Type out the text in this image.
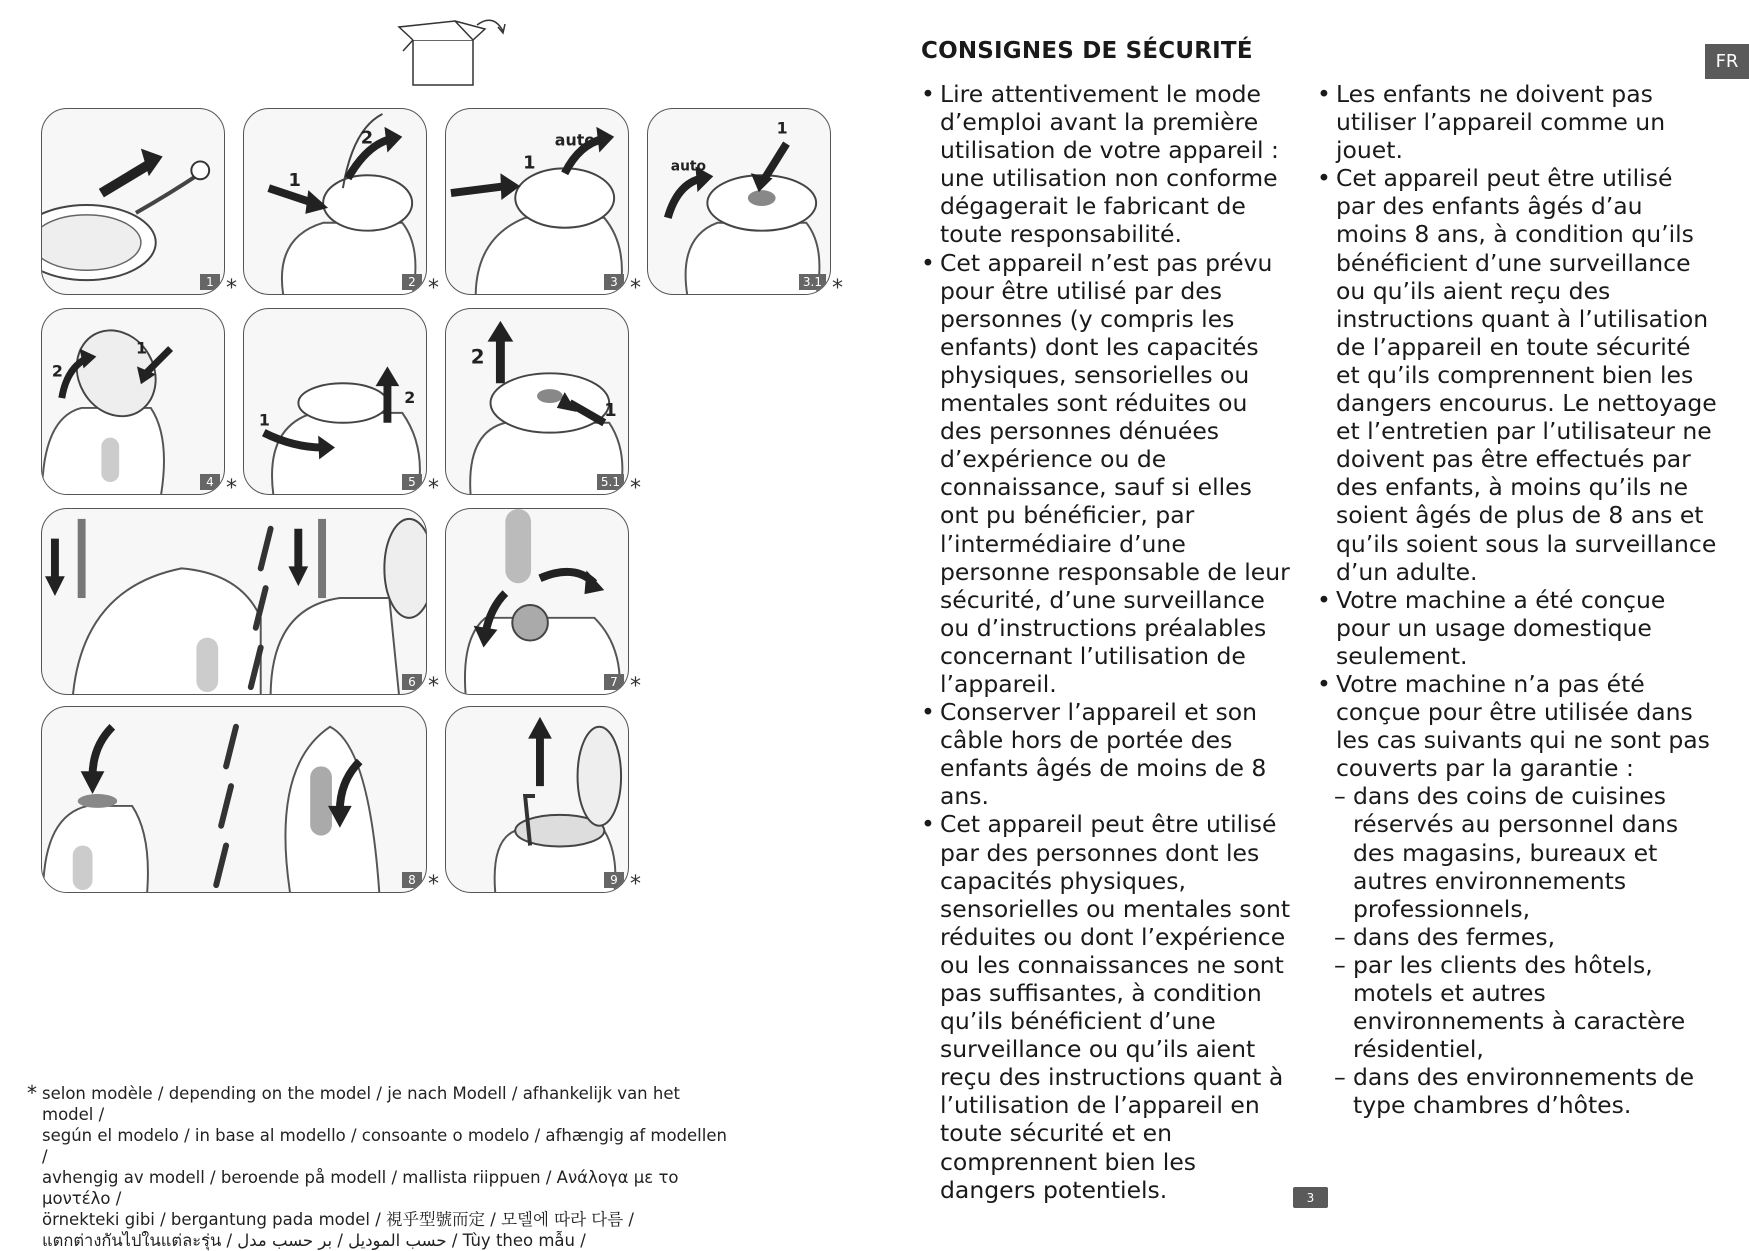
1 *
1
2
2 *
1
auto
3 *
1
auto
3.1 *
2
1
4 *
1
2
5 *
2
1
5.1 *
6 *	7 *
8 *	9 *
* selon modèle / depending on the model / je nach Modell / afhankelijk van het model /
según el modelo / in base al modello / consoante o modelo / afhængig af modellen /
avhengig av modell / beroende på modell / mallista riippuen / Ανάλογα με το μοντέλο /
örnekteki gibi / bergantung pada model / 視乎型號而定 / 모델에 따라 다름 /
แตกต่างกันไปในแต่ละรุ่น / حسب الموديل / بر حسب مدل / Tùy theo mẫu /
CONSIGNES DE SÉCURITÉ	FR
• Lire attentivement le mode d’emploi avant la première utilisation de votre appareil : une utilisation non conforme dégagerait le fabricant de toute responsabilité.
• Cet appareil n’est pas prévu pour être utilisé par des personnes (y compris les enfants) dont les capacités physiques, sensorielles ou mentales sont réduites ou des personnes dénuées d’expérience ou de connaissance, sauf si elles ont pu bénéficier, par l’intermédiaire d’une personne responsable de leur sécurité, d’une surveillance ou d’instructions préalables concernant l’utilisation de l’appareil.
• Conserver l’appareil et son câble hors de portée des enfants âgés de moins de 8 ans.
• Cet appareil peut être utilisé par des personnes dont les capacités physiques, sensorielles ou mentales sont réduites ou dont l’expérience ou les connaissances ne sont pas suffisantes, à condition qu’ils bénéficient d’une surveillance ou qu’ils aient reçu des instructions quant à l’utilisation de l’appareil en toute sécurité et en comprennent bien les dangers potentiels.
• Les enfants ne doivent pas utiliser l’appareil comme un jouet.
• Cet appareil peut être utilisé par des enfants âgés d’au moins 8 ans, à condition qu’ils bénéficient d’une surveillance ou qu’ils aient reçu des instructions quant à l’utilisation de l’appareil en toute sécurité et qu’ils comprennent bien les dangers encourus. Le nettoyage et l’entretien par l’utilisateur ne doivent pas être effectués par des enfants, à moins qu’ils ne soient âgés de plus de 8 ans et qu’ils soient sous la surveillance d’un adulte.
• Votre machine a été conçue pour un usage domestique seulement.
• Votre machine n’a pas été conçue pour être utilisée dans les cas suivants qui ne sont pas couverts par la garantie :
– dans des coins de cuisines réservés au personnel dans des magasins, bureaux et autres environnements professionnels,
– dans des fermes,
– par les clients des hôtels, motels et autres environnements à caractère résidentiel,
– dans des environnements de type chambres d’hôtes.
3
